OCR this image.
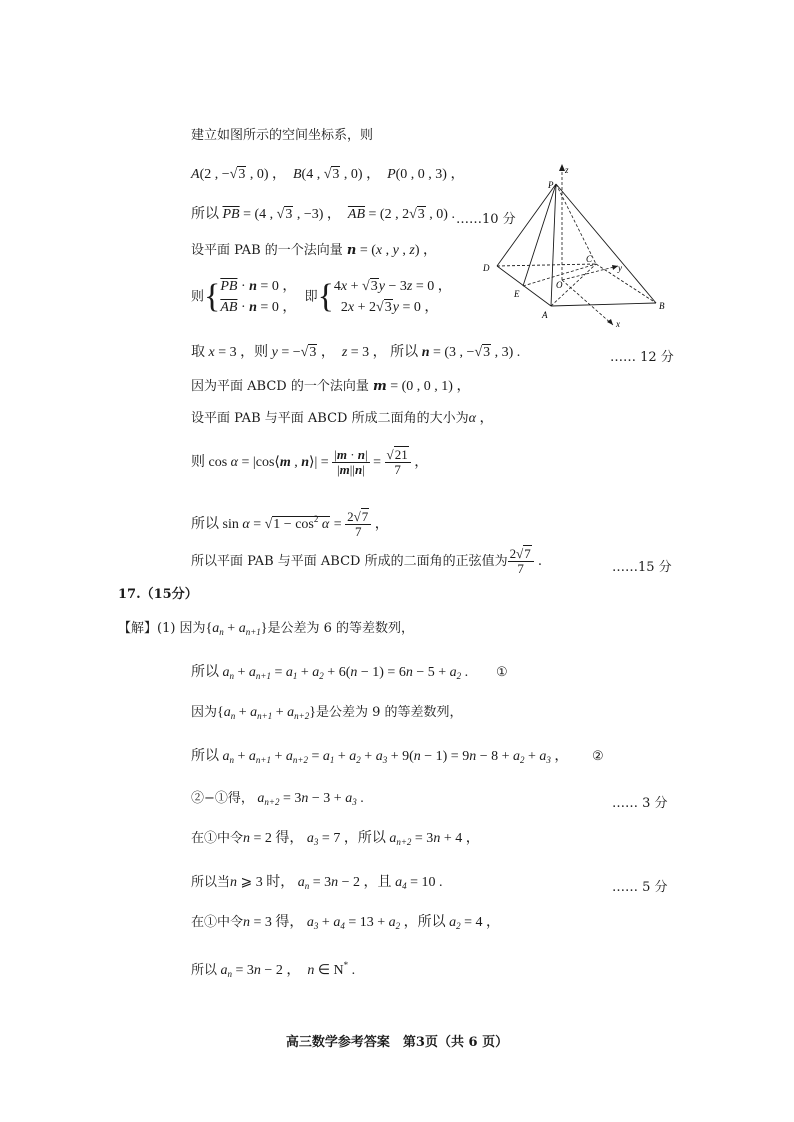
建立如图所示的空间坐标系，则
A(2 , −√3 , 0) ，  B(4 , √3 , 0) ，  P(0 , 0 , 3) ，
所以 $\overline{PB} = (4$ , √3 , −3) ，  $\overline{AB} = (2$ , 2√3 , 0) . ……10 分
设平面 PAB 的一个法向量 n = (x , y , z) ，
则{$\overline{PB} \cdot n = 0$ ，
$\overline{AB} \cdot n = 0$ ，  即{4x + √3y − 3z = 0 ，
2x + 2√3y = 0 ，
P
z
D
C
y
O
E
A
B
x
取 x = 3 ，则 y = −√3 ，  z = 3 ， 所以 n = (3 , −√3 , 3) .	…… 12 分
因为平面 ABCD 的一个法向量 m = (0 , 0 , 1) ，
设平面 PAB 与平面 ABCD 所成二面角的大小为α ，
则 cos α = |cos⟨m , n⟩| = $\frac{|m \cdot n|}{|m||n|} = \frac{√21}{7}$ ，
所以 $\sin \alpha = √1 - \cos^2 \alpha = \frac{2√7}{7}$ ，
所以平面 PAB 与平面 ABCD 所成的二面角的正弦值为 $\frac{2√7}{7}$ .	……15 分
17.（15分）
【解】(1) 因为$\{a_n + a_{n+1}\}$是公差为 6 的等差数列，
所以 $a_n + a_{n+1} = a_1 + a_2 + 6(n - 1) = 6n - 5 + a_2$ . ①
因为$\{a_n + a_{n+1} + a_{n+2}\}$是公差为 9 的等差数列，
所以 $a_n + a_{n+1} + a_{n+2} = a_1 + a_2 + a_3 + 9(n - 1) = 9n - 8 + a_2 + a_3$ ， ②
②−①得， $a_{n+2} = 3n - 3 + a_3$ .	…… 3 分
在①中令n = 2 得， $a_3 = 7$ ，所以 $a_{n+2} = 3n + 4$ ，
所以当n ⩾ 3 时， $a_n = 3n - 2$ ，且 $a_4 = 10$ .	…… 5 分
在①中令n = 3 得， $a_3 + a_4 = 13 + a_2$ ，所以 $a_2 = 4$ ，
所以 $a_n = 3n - 2$ ，  n ∈ N* .
高三数学参考答案　第3页（共 6 页）
